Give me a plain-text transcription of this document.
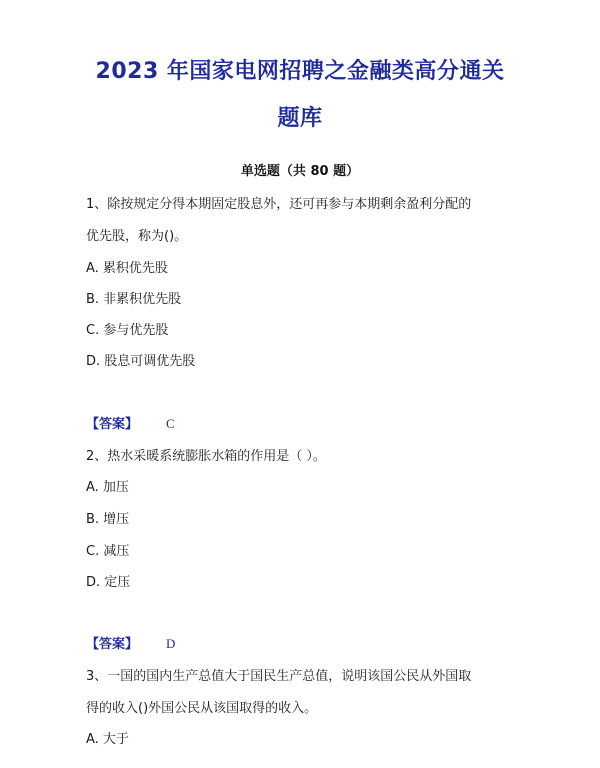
2023 年国家电网招聘之金融类高分通关
题库
单选题（共 80 题）
1、除按规定分得本期固定股息外，还可再参与本期剩余盈利分配的
优先股，称为()。
A. 累积优先股
B. 非累积优先股
C. 参与优先股
D. 股息可调优先股
【答案】 C
2、热水采暖系统膨胀水箱的作用是（ ）。
A. 加压
B. 增压
C. 减压
D. 定压
【答案】 D
3、一国的国内生产总值大于国民生产总值，说明该国公民从外国取
得的收入()外国公民从该国取得的收入。
A. 大于
